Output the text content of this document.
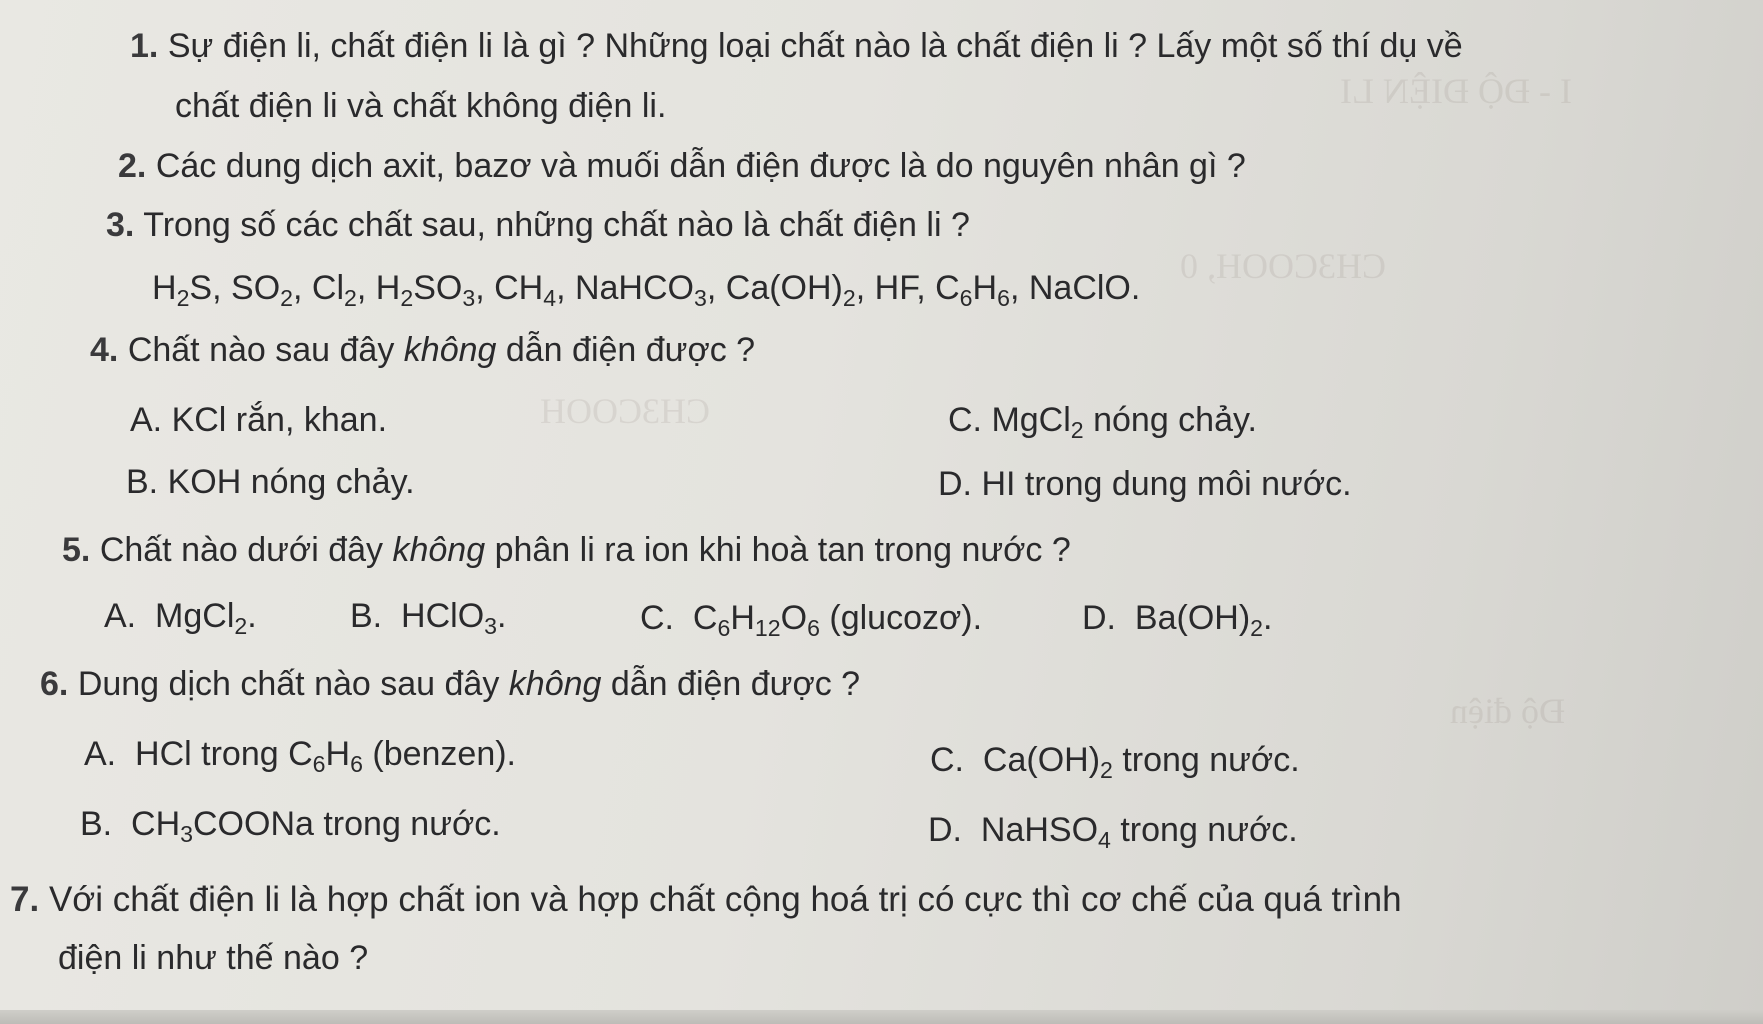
I - ĐỘ ĐIỆN LI
CH3COOH, 0
CH3COOH
Độ điện
1. Sự điện li, chất điện li là gì ? Những loại chất nào là chất điện li ? Lấy một số thí dụ về
chất điện li và chất không điện li.
2. Các dung dịch axit, bazơ và muối dẫn điện được là do nguyên nhân gì ?
3. Trong số các chất sau, những chất nào là chất điện li ?
$H_2S$, $SO_2$, $Cl_2$, $H_2SO_3$, $CH_4$, NaHCO$_3$, $Ca(OH)_2$, HF, $C_6H_6$, NaClO.
4. Chất nào sau đây không dẫn điện được ?
A. KCl rắn, khan.	C. MgCl$_2$ nóng chảy.
B. KOH nóng chảy.	D. HI trong dung môi nước.
5. Chất nào dưới đây không phân li ra ion khi hoà tan trong nước ?
A. MgCl$_2$.	B. HClO$_3$.	C. $C_6H_{12}O_6$ (glucozơ).	D. $Ba(OH)_2$.
6. Dung dịch chất nào sau đây không dẫn điện được ?
A. HCl trong $C_6H_6$ (benzen).	C. $Ca(OH)_2$ trong nước.
B. $CH_3COONa$ trong nước.	D. NaHSO$_4$ trong nước.
7. Với chất điện li là hợp chất ion và hợp chất cộng hoá trị có cực thì cơ chế của quá trình
điện li như thế nào ?
